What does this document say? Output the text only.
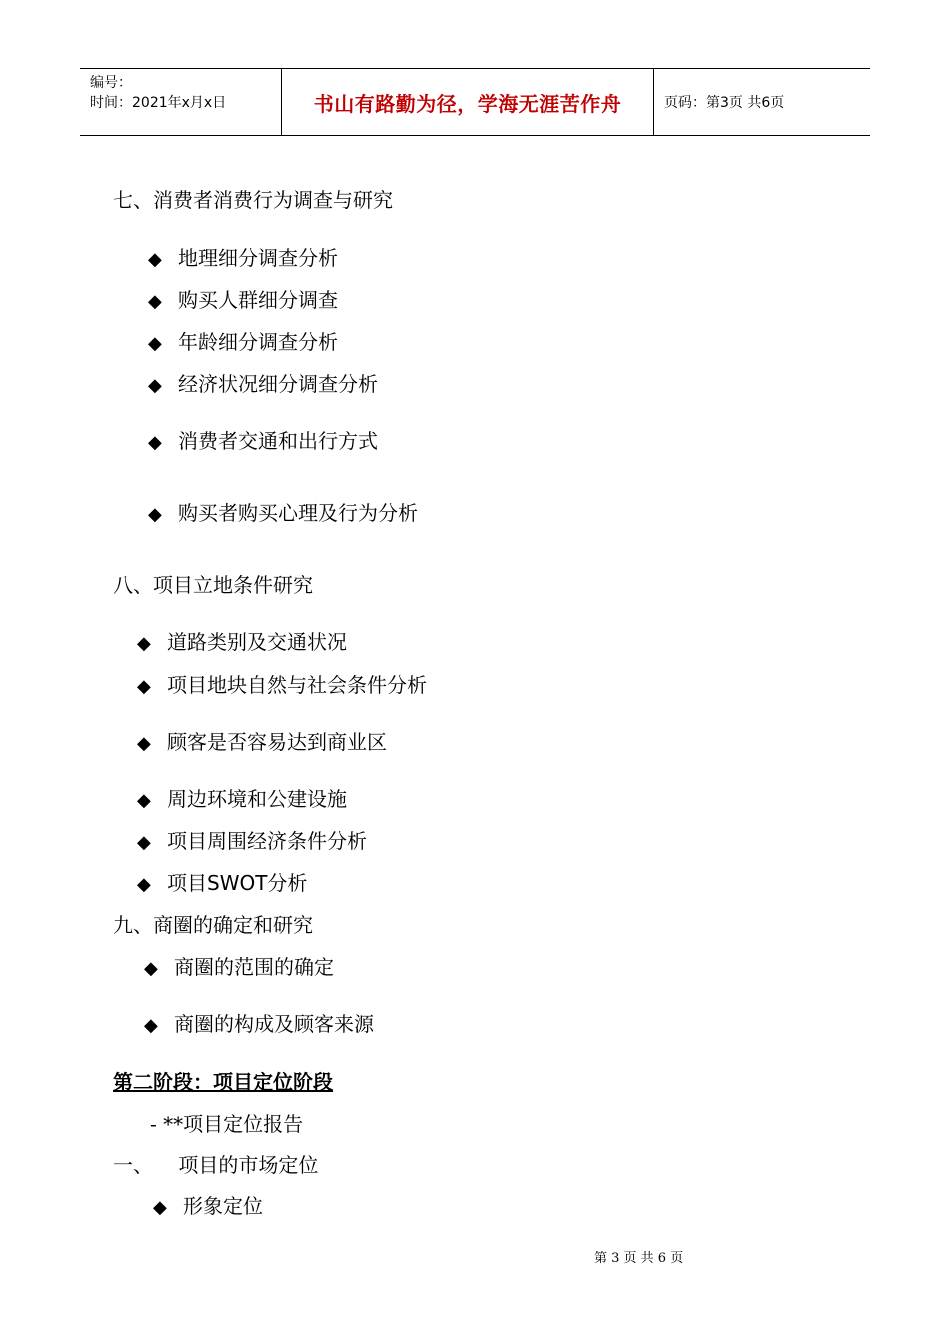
编号：
时间：2021年x月x日	书山有路勤为径，学海无涯苦作舟	页码：第3页 共6页
七、消费者消费行为调查与研究
◆ 地理细分调查分析
◆ 购买人群细分调查
◆ 年龄细分调查分析
◆ 经济状况细分调查分析
◆ 消费者交通和出行方式
◆ 购买者购买心理及行为分析
八、项目立地条件研究
◆ 道路类别及交通状况
◆ 项目地块自然与社会条件分析
◆ 顾客是否容易达到商业区
◆ 周边环境和公建设施
◆ 项目周围经济条件分析
◆ 项目SWOT分析
九、商圈的确定和研究
◆ 商圈的范围的确定
◆ 商圈的构成及顾客来源
第二阶段：项目定位阶段
- **项目定位报告
一、    项目的市场定位
◆ 形象定位
第 3 页 共 6 页
